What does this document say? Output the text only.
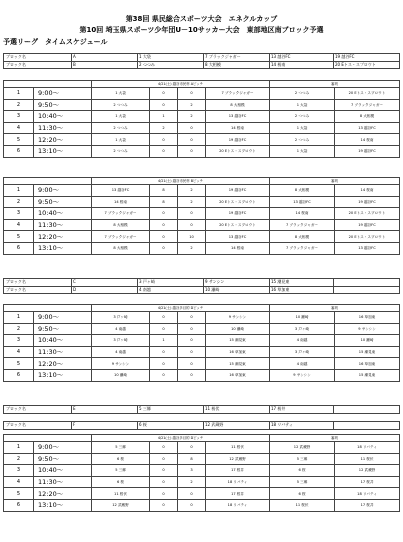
第38回 県民総合スポーツ大会　エネクルカップ
第10回 埼玉県スポーツ少年団U－10サッカー大会　東部地区南ブロック予選
予選リーグ　タイムスケジュール
ブロック名	A	1 大袋	7 ブラックジャガー	13 越谷FC	19 越谷FC
ブロック名	B	2 つつみ	8 大相模	14 桜南	20 Eトス・スプロウト
ブロック名	C	3 戸ヶ崎	9 サンシン	15 潮見東	
ブロック名	D	4 南越	10 瀬崎	16 草加東	
ブロック名	E	5 三郷	11 桜伏	17 桜井	
ブロック名	F	6 桜	12 武蔵野	18 リバティ	
		4/21(土) 越谷市民杯 Aピッチ				審判	
1	9:00～	1 大袋	0	0	7 ブラックジャガー	2 つつみ	20 Eトス・スプロウト
2	9:50～	2 つつみ	0	2	8 大相模	1 大袋	7 ブラックジャガー
3	10:40～	1 大袋	1	2	13 越谷FC	2 つつみ	8 大相模
4	11:30～	2 つつみ	2	0	14 桜南	1 大袋	13 越谷FC
5	12:20～	1 大袋	0	0	19 越谷FC	2 つつみ	14 桜南
6	13:10～	2 つつみ	0	0	20 Eトス・スプロウト	1 大袋	19 越谷FC
		4/21(土) 越谷市民杯 Bピッチ				審判	
1	9:00～	13 越谷FC	8	2	19 越谷FC	8 大相模	14 桜南
2	9:50～	14 桜南	8	2	20 Eトス・スプロウト	13 越谷FC	19 越谷FC
3	10:40～	7 ブラックジャガー	0	0	19 越谷FC	14 桜南	20 Eトス・スプロウト
4	11:30～	8 大相模	0	0	20 Eトス・スプロウト	7 ブラックジャガー	19 越谷FC
5	12:20～	7 ブラックジャガー	0	10	13 越谷FC	8 大相模	20 Eトス・スプロウト
6	13:10～	8 大相模	0	2	14 桜南	7 ブラックジャガー	13 越谷FC
		4/21(土) 越谷多目的 Dピッチ				審判	
1	9:00～	3 戸ヶ崎	0	0	9 サンシン	10 瀬崎	16 草加東
2	9:50～	4 南越	0	0	10 瀬崎	3 戸ヶ崎	9 サンシン
3	10:40～	3 戸ヶ崎	1	0	15 潮見東	4 南越	10 瀬崎
4	11:30～	4 南越	0	0	16 草加東	3 戸ヶ崎	15 潮見東
5	12:20～	9 サンシン	0	0	15 潮見東	4 南越	16 草加東
6	13:10～	10 瀬崎	0	0	16 草加東	9 サンシン	15 潮見東
		4/21(土) 越谷多目的 Dピッチ				審判	
1	9:00～	5 三郷	0	0	11 桜伏	12 武蔵野	18 リバティ
2	9:50～	6 桜	0	8	12 武蔵野	5 三郷	11 桜伏
3	10:40～	5 三郷	0	3	17 桜井	6 桜	12 武蔵野
4	11:30～	6 桜	0	2	18 リバティ	5 三郷	17 桜井
5	12:20～	11 桜伏	0	0	17 桜井	6 桜	18 リバティ
6	13:10～	12 武蔵野	0	0	18 リバティ	11 桜伏	17 桜井
